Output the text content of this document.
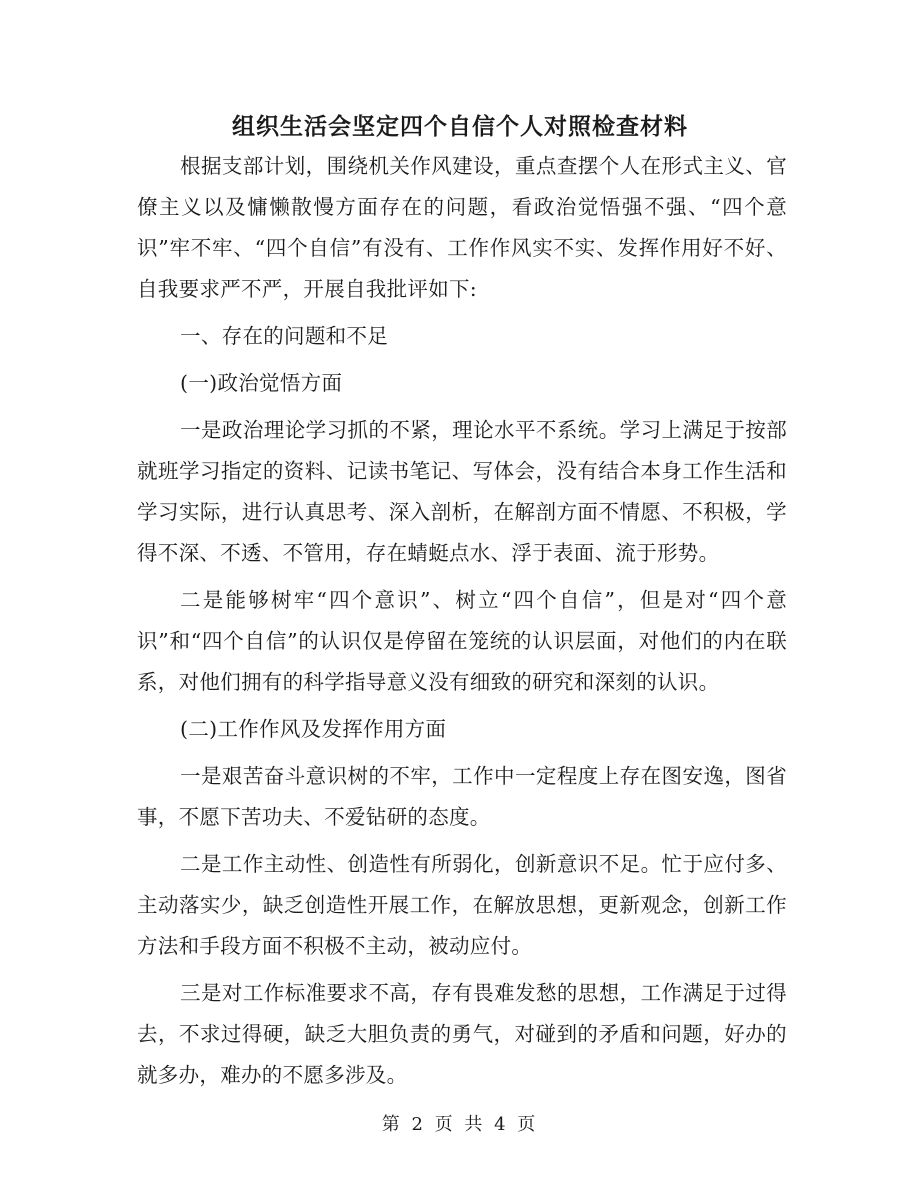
组织生活会坚定四个自信个人对照检查材料

根据支部计划，围绕机关作风建设，重点查摆个人在形式主义、官僚主义以及慵懒散慢方面存在的问题，看政治觉悟强不强、“四个意识”牢不牢、“四个自信”有没有、工作作风实不实、发挥作用好不好、自我要求严不严，开展自我批评如下:

一、存在的问题和不足

(一)政治觉悟方面

一是政治理论学习抓的不紧，理论水平不系统。学习上满足于按部就班学习指定的资料、记读书笔记、写体会，没有结合本身工作生活和学习实际，进行认真思考、深入剖析，在解剖方面不情愿、不积极，学得不深、不透、不管用，存在蜻蜓点水、浮于表面、流于形势。

二是能够树牢“四个意识”、树立“四个自信”，但是对“四个意识”和“四个自信”的认识仅是停留在笼统的认识层面，对他们的内在联系，对他们拥有的科学指导意义没有细致的研究和深刻的认识。

(二)工作作风及发挥作用方面

一是艰苦奋斗意识树的不牢，工作中一定程度上存在图安逸，图省事，不愿下苦功夫、不爱钻研的态度。

二是工作主动性、创造性有所弱化，创新意识不足。忙于应付多、主动落实少，缺乏创造性开展工作，在解放思想，更新观念，创新工作方法和手段方面不积极不主动，被动应付。

三是对工作标准要求不高，存有畏难发愁的思想，工作满足于过得去，不求过得硬，缺乏大胆负责的勇气，对碰到的矛盾和问题，好办的就多办，难办的不愿多涉及。

第 2 页 共 4 页
